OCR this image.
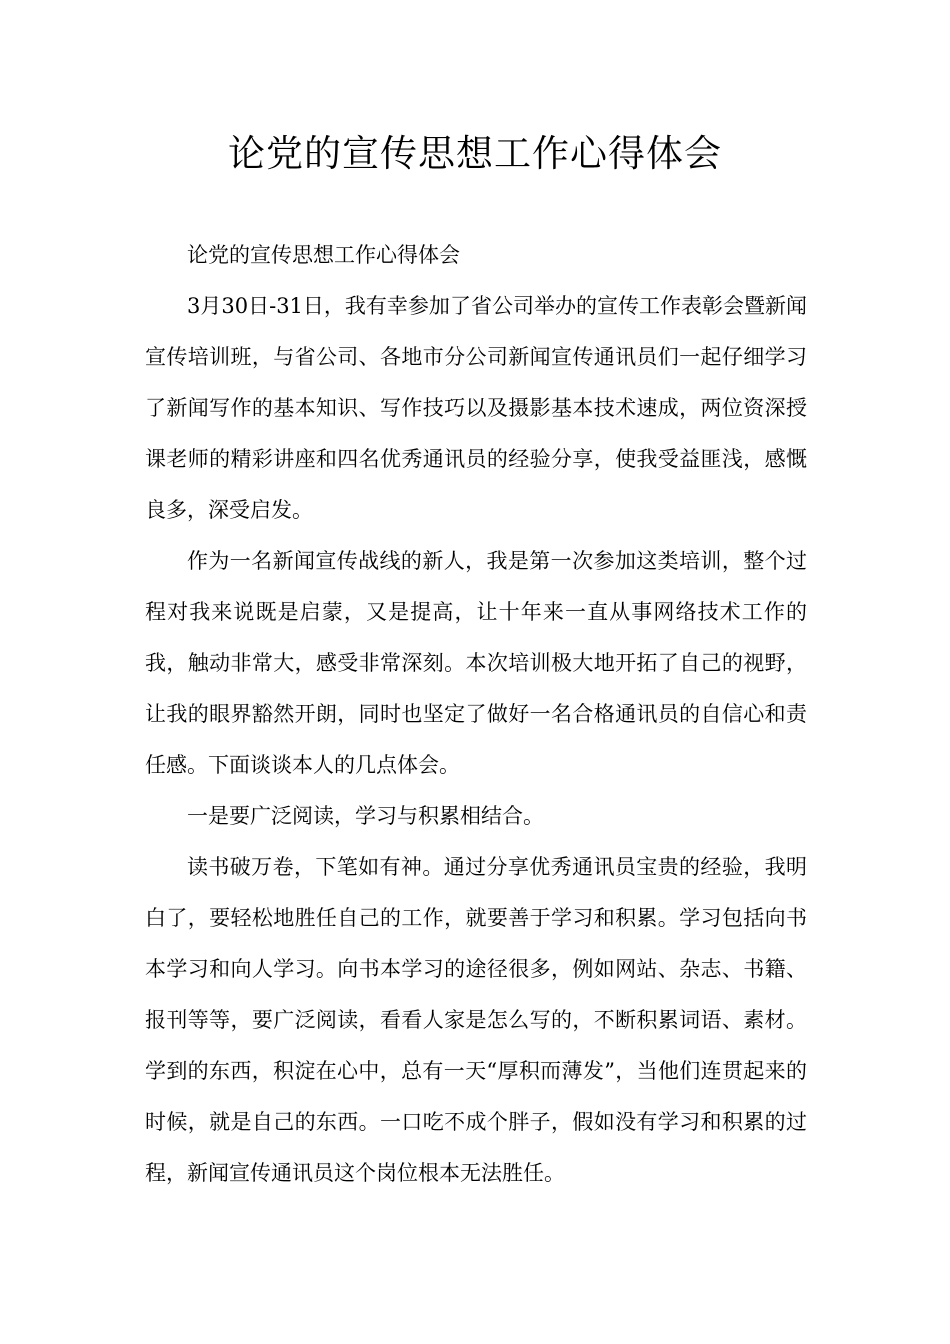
论党的宣传思想工作心得体会

论党的宣传思想工作心得体会

3月30日-31日，我有幸参加了省公司举办的宣传工作表彰会暨新闻宣传培训班，与省公司、各地市分公司新闻宣传通讯员们一起仔细学习了新闻写作的基本知识、写作技巧以及摄影基本技术速成，两位资深授课老师的精彩讲座和四名优秀通讯员的经验分享，使我受益匪浅，感慨良多，深受启发。

作为一名新闻宣传战线的新人，我是第一次参加这类培训，整个过程对我来说既是启蒙，又是提高，让十年来一直从事网络技术工作的我，触动非常大，感受非常深刻。本次培训极大地开拓了自己的视野，让我的眼界豁然开朗，同时也坚定了做好一名合格通讯员的自信心和责任感。下面谈谈本人的几点体会。

一是要广泛阅读，学习与积累相结合。

读书破万卷，下笔如有神。通过分享优秀通讯员宝贵的经验，我明白了，要轻松地胜任自己的工作，就要善于学习和积累。学习包括向书本学习和向人学习。向书本学习的途径很多，例如网站、杂志、书籍、报刊等等，要广泛阅读，看看人家是怎么写的，不断积累词语、素材。学到的东西，积淀在心中，总有一天“厚积而薄发”，当他们连贯起来的时候，就是自己的东西。一口吃不成个胖子，假如没有学习和积累的过程，新闻宣传通讯员这个岗位根本无法胜任。
